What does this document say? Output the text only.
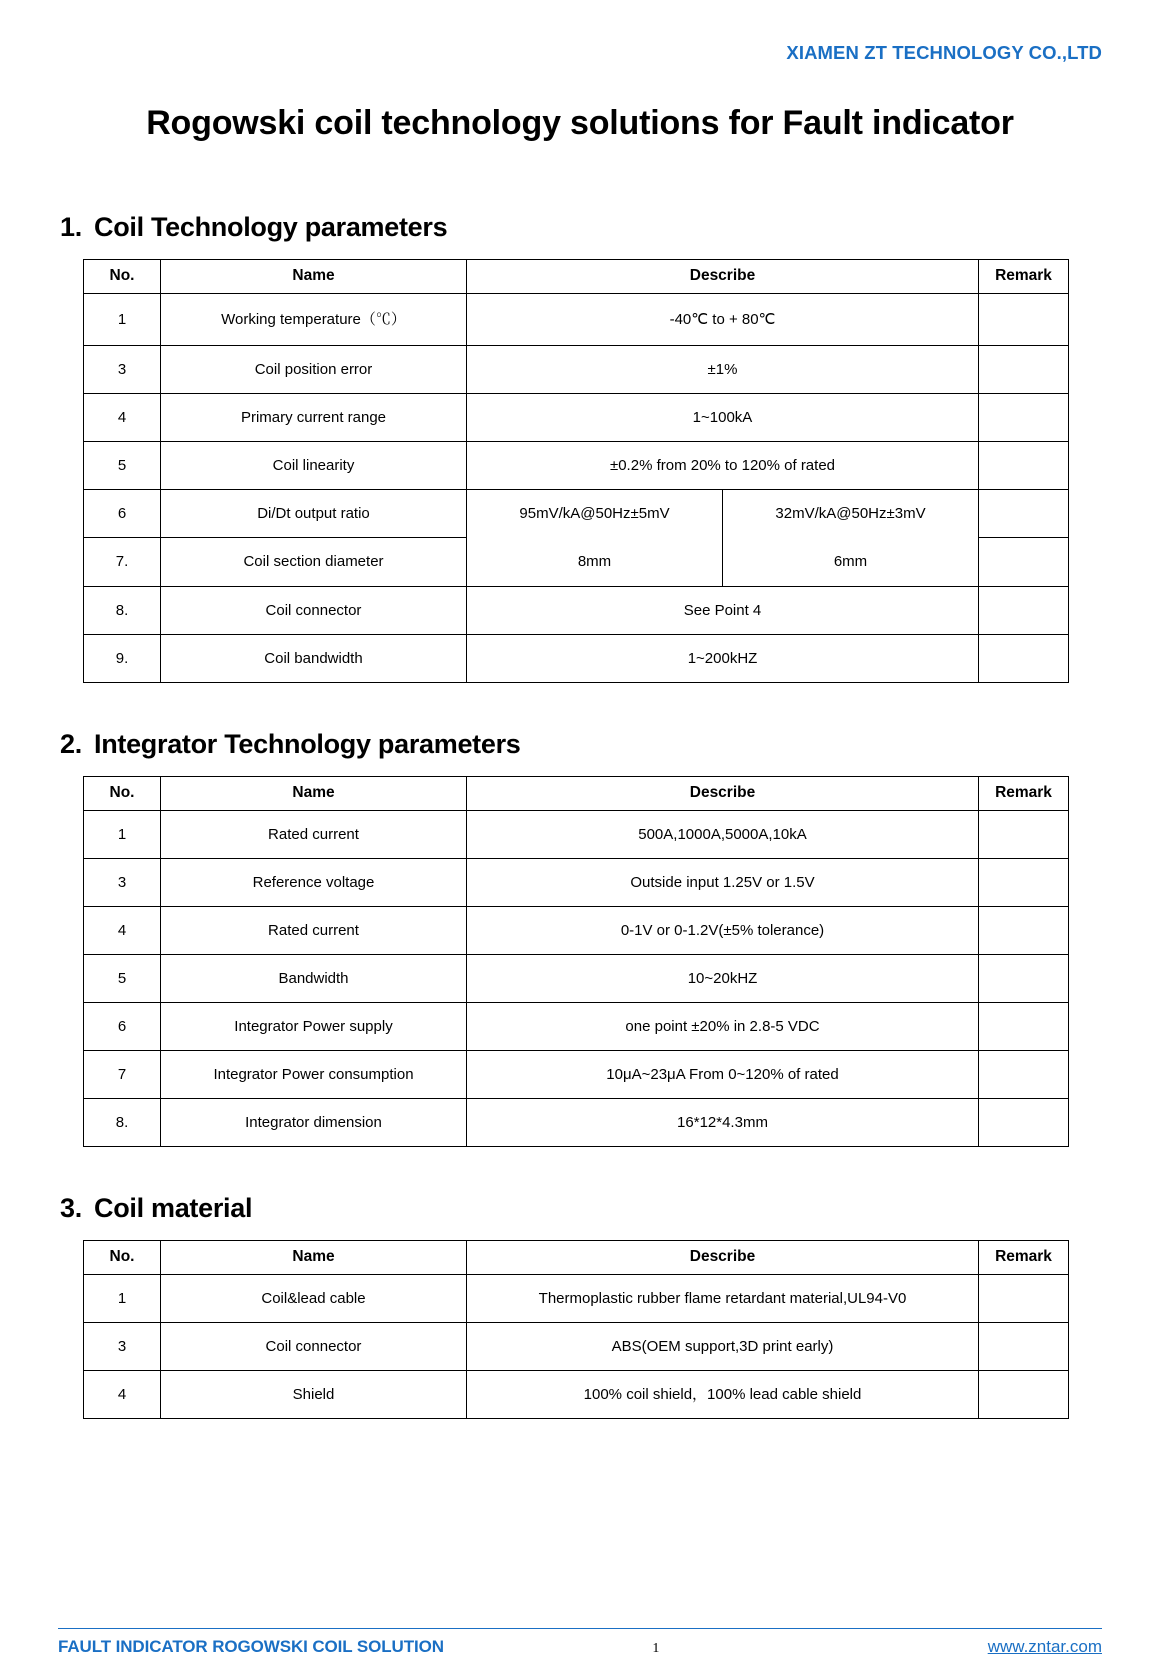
XIAMEN ZT TECHNOLOGY CO.,LTD
Rogowski coil technology solutions for Fault indicator
1. Coil Technology parameters
No.	Name	Describe	Remark
1	Working temperature（℃）	-40℃ to + 80℃	
3	Coil position error	±1%	
4	Primary current range	1~100kA	
5	Coil linearity	±0.2% from 20% to 120% of rated	
6	Di/Dt output ratio		95mV/kA@50Hz±5mV	32mV/kA@50Hz±3mV

7.	Coil section diameter		8mm	6mm

8.	Coil connector	See Point 4	
9.	Coil bandwidth	1~200kHZ	
2. Integrator Technology parameters
No.	Name	Describe	Remark
1	Rated current	500A,1000A,5000A,10kA	
3	Reference voltage	Outside input 1.25V or 1.5V	
4	Rated current	0-1V or 0-1.2V(±5% tolerance)	
5	Bandwidth	10~20kHZ	
6	Integrator Power supply	one point ±20% in 2.8-5 VDC	
7	Integrator Power consumption	10μA~23μA From 0~120% of rated	
8.	Integrator dimension	16*12*4.3mm	
3. Coil material
No.	Name	Describe	Remark
1	Coil&lead cable	Thermoplastic rubber flame retardant material,UL94-V0	
3	Coil connector	ABS(OEM support,3D print early)	
4	Shield	100% coil shield，100% lead cable shield	
FAULT INDICATOR ROGOWSKI COIL SOLUTION	1	www.zntar.com
